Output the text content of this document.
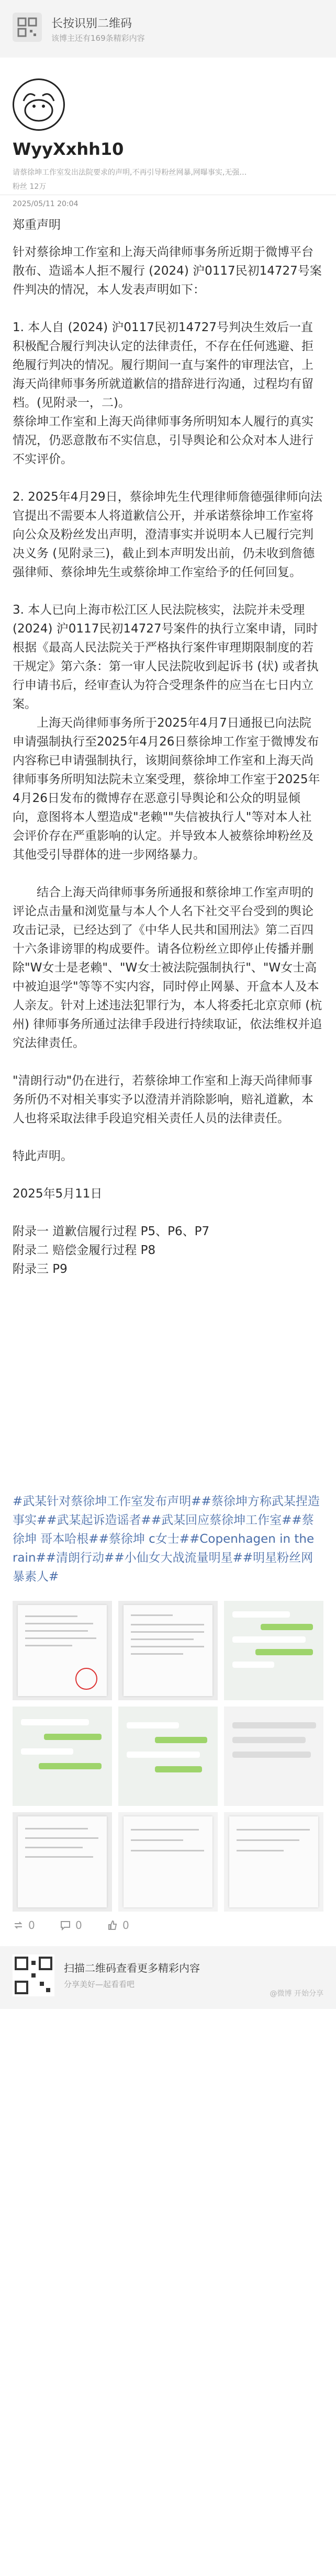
长按识别二维码
该博主还有169条精彩内容
WyyXxhh10
请蔡徐坤工作室发出法院要求的声明,不再引导粉丝网暴,网曝事实,无强…
粉丝 12万
2025/05/11 20:04

郑重声明

针对蔡徐坤工作室和上海天尚律师事务所近期于微博平台散布、造谣本人拒不履行 (2024) 沪0117民初14727号案件判决的情况，本人发表声明如下：

1. 本人自 (2024) 沪0117民初14727号判决生效后一直积极配合履行判决认定的法律责任，不存在任何逃避、拒绝履行判决的情况。履行期间一直与案件的审理法官，上海天尚律师事务所就道歉信的措辞进行沟通，过程均有留档。(见附录一，二)。

蔡徐坤工作室和上海天尚律师事务所明知本人履行的真实情况，仍恶意散布不实信息，引导舆论和公众对本人进行不实评价。

2. 2025年4月29日，蔡徐坤先生代理律师詹德强律师向法官提出不需要本人将道歉信公开，并承诺蔡徐坤工作室将向公众及粉丝发出声明，澄清事实并说明本人已履行完判决义务 (见附录三)，截止到本声明发出前，仍未收到詹德强律师、蔡徐坤先生或蔡徐坤工作室给予的任何回复。

3. 本人已向上海市松江区人民法院核实，法院并未受理 (2024) 沪0117民初14727号案件的执行立案申请，同时根据《最高人民法院关于严格执行案件审理期限制度的若干规定》第六条：第一审人民法院收到起诉书 (状) 或者执行申请书后，经审查认为符合受理条件的应当在七日内立案。

上海天尚律师事务所于2025年4月7日通报已向法院申请强制执行至2025年4月26日蔡徐坤工作室于微博发布内容称已申请强制执行，该期间蔡徐坤工作室和上海天尚律师事务所明知法院未立案受理，蔡徐坤工作室于2025年4月26日发布的微博存在恶意引导舆论和公众的明显倾向，意图将本人塑造成"老赖""失信被执行人"等对本人社会评价存在严重影响的认定。并导致本人被蔡徐坤粉丝及其他受引导群体的进一步网络暴力。

结合上海天尚律师事务所通报和蔡徐坤工作室声明的评论点击量和浏览量与本人个人名下社交平台受到的舆论攻击记录，已经达到了《中华人民共和国刑法》第二百四十六条诽谤罪的构成要件。请各位粉丝立即停止传播并删除"W女士是老赖"、"W女士被法院强制执行"、"W女士高中被迫退学"等等不实内容，同时停止网暴、开盒本人及本人亲友。针对上述违法犯罪行为，本人将委托北京京师 (杭州) 律师事务所通过法律手段进行持续取证，依法维权并追究法律责任。

"清朗行动"仍在进行，若蔡徐坤工作室和上海天尚律师事务所仍不对相关事实予以澄清并消除影响，赔礼道歉，本人也将采取法律手段追究相关责任人员的法律责任。

特此声明。

2025年5月11日

附录一 道歉信履行过程 P5、P6、P7

附录二 赔偿金履行过程 P8

附录三 P9

#武某针对蔡徐坤工作室发布声明##蔡徐坤方称武某捏造事实##武某起诉造谣者##武某回应蔡徐坤工作室##蔡徐坤 哥本哈根##蔡徐坤 c女士##Copenhagen in the rain##清朗行动##小仙女大战流量明星##明星粉丝网暴素人#
0	0	0
扫描二维码查看更多精彩内容
分享美好—起看看吧
@微博 开始分享
